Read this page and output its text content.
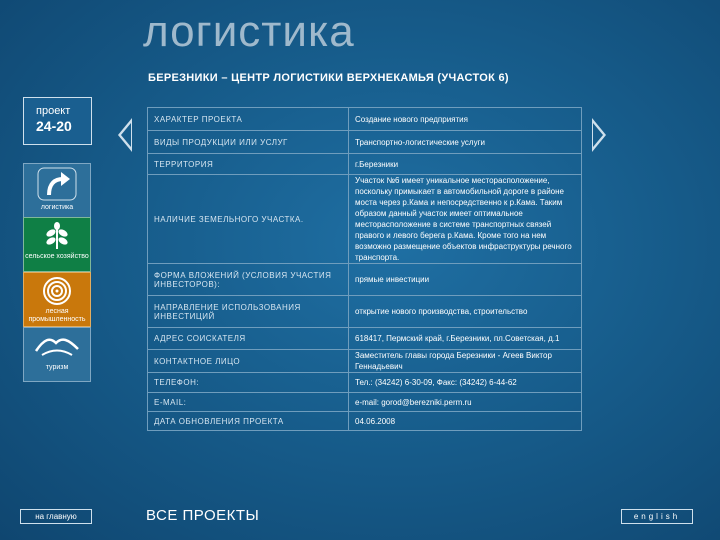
логистика
БЕРЕЗНИКИ – ЦЕНТР ЛОГИСТИКИ ВЕРХНЕКАМЬЯ (УЧАСТОК 6)
проект
24-20
логистика
сельское хозяйство
лесная промышленность
туризм
ХАРАКТЕР ПРОЕКТА	Создание нового предприятия
ВИДЫ ПРОДУКЦИИ ИЛИ УСЛУГ	Транспортно-логистические услуги
ТЕРРИТОРИЯ	г.Березники
НАЛИЧИЕ ЗЕМЕЛЬНОГО УЧАСТКА.	Участок №6 имеет уникальное месторасположение, поскольку примыкает в автомобильной дороге в районе моста через р.Кама и непосредственно к р.Кама. Таким образом данный участок имеет оптимальное месторасположение в системе транспортных связей правого и левого берега р.Кама. Кроме того на нем возможно размещение объектов инфраструктуры речного транспорта.
ФОРМА ВЛОЖЕНИЙ (УСЛОВИЯ УЧАСТИЯ ИНВЕСТОРОВ):	прямые инвестиции
НАПРАВЛЕНИЕ ИСПОЛЬЗОВАНИЯ ИНВЕСТИЦИЙ	открытие нового производства, строительство
АДРЕС СОИСКАТЕЛЯ	618417, Пермский край, г.Березники, пл.Советская, д.1
КОНТАКТНОЕ ЛИЦО	Заместитель главы города Березники - Агеев Виктор Геннадьевич
ТЕЛЕФОН:	Тел.: (34242) 6-30-09, Факс: (34242) 6-44-62
E-MAIL:	e-mail: gorod@bereznikі.perm.ru
ДАТА ОБНОВЛЕНИЯ ПРОЕКТА	04.06.2008
на главную	ВСЕ ПРОЕКТЫ	english
